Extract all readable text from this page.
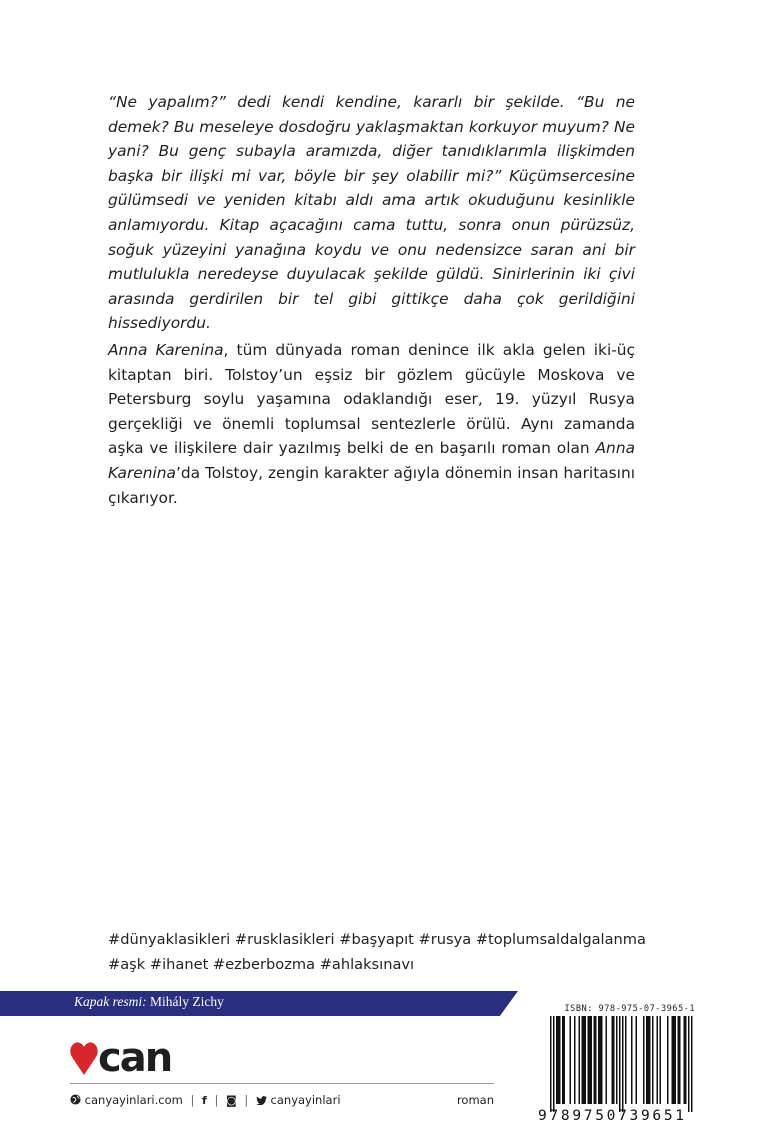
“Ne yapalım?” dedi kendi kendine, kararlı bir şekilde. “Bu ne demek? Bu meseleye dosdoğru yaklaşmaktan korkuyor muyum? Ne yani? Bu genç subayla aramızda, diğer tanıdıklarımla ilişkimden başka bir ilişki mi var, böyle bir şey olabilir mi?” Küçümsercesine gülümsedi ve yeniden kitabı aldı ama artık okuduğunu kesinlikle anlamıyordu. Kitap açacağını cama tuttu, sonra onun pürüzsüz, soğuk yüzeyini yanağına koydu ve onu nedensizce saran ani bir mutlulukla neredeyse duyulacak şekilde güldü. Sinirlerinin iki çivi arasında gerdirilen bir tel gibi gittikçe daha çok gerildiğini hissediyordu.

Anna Karenina, tüm dünyada roman denince ilk akla gelen iki-üç kitaptan biri. Tolstoy’un eşsiz bir gözlem gücüyle Moskova ve Petersburg soylu yaşamına odaklandığı eser, 19. yüzyıl Rusya gerçekliği ve önemli toplumsal sentezlerle örülü. Aynı zamanda aşka ve ilişkilere dair yazılmış belki de en başarılı roman olan Anna Karenina’da Tolstoy, zengin karakter ağıyla dönemin insan haritasını çıkarıyor.

#dünyaklasikleri #rusklasikleri #başyapıt #rusya #toplumsaldalgalanma
#aşk #ihanet #ezberbozma #ahlaksınavı
Kapak resmi: Mihály Zichy
can
canyayinlari.com | f | ◙ | canyayinlari	roman
ISBN: 978-975-07-3965-1
9789750739651
